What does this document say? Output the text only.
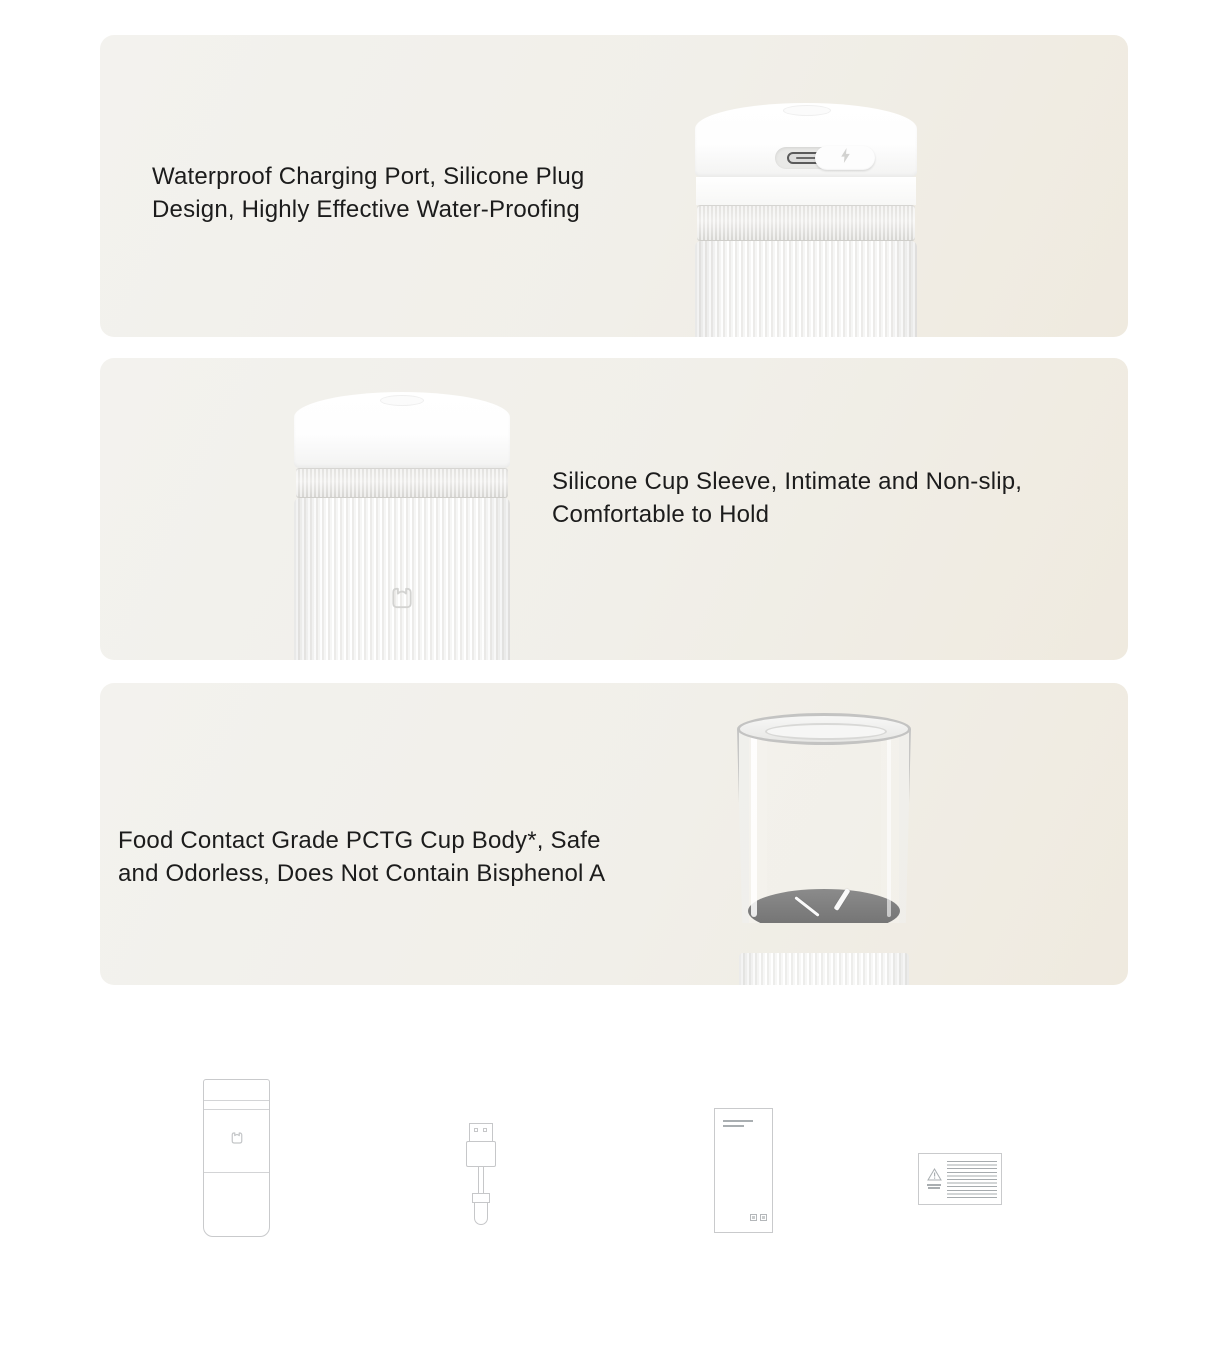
Waterproof Charging Port, Silicone Plug
Design, Highly Effective Water-Proofing
Silicone Cup Sleeve, Intimate and Non-slip,
Comfortable to Hold
Food Contact Grade PCTG Cup Body*, Safe
and Odorless, Does Not Contain Bisphenol A
